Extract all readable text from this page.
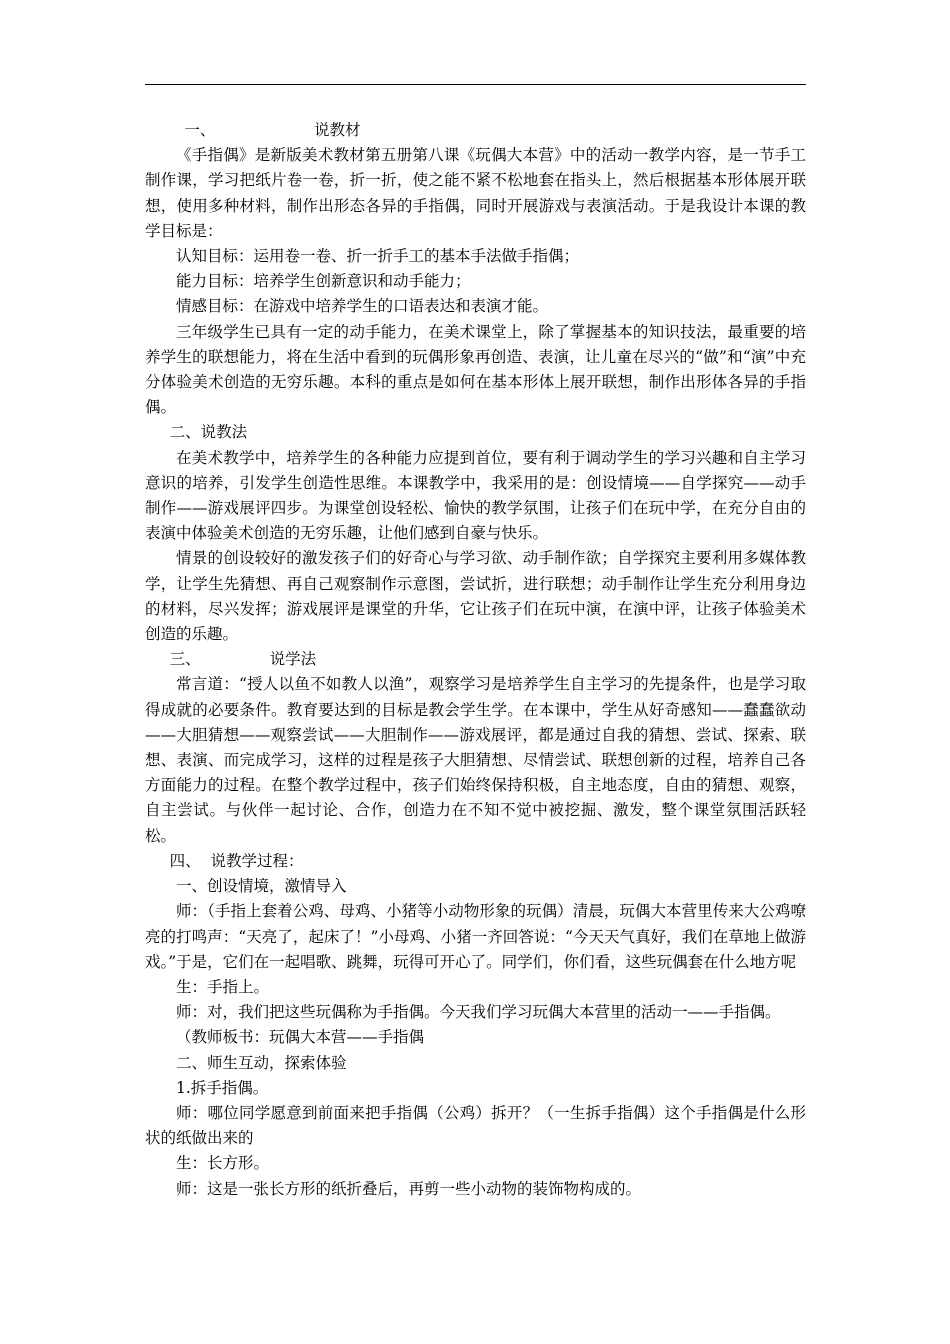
一、                    说教材

《手指偶》是新版美术教材第五册第八课《玩偶大本营》中的活动一教学内容，是一节手工制作课，学习把纸片卷一卷，折一折，使之能不紧不松地套在指头上，然后根据基本形体展开联想，使用多种材料，制作出形态各异的手指偶，同时开展游戏与表演活动。于是我设计本课的教学目标是：

认知目标：运用卷一卷、折一折手工的基本手法做手指偶；

能力目标：培养学生创新意识和动手能力；

情感目标：在游戏中培养学生的口语表达和表演才能。

三年级学生已具有一定的动手能力，在美术课堂上，除了掌握基本的知识技法，最重要的培养学生的联想能力，将在生活中看到的玩偶形象再创造、表演，让儿童在尽兴的“做”和“演”中充分体验美术创造的无穷乐趣。本科的重点是如何在基本形体上展开联想，制作出形体各异的手指偶。

二、说教法

在美术教学中，培养学生的各种能力应提到首位，要有利于调动学生的学习兴趣和自主学习意识的培养，引发学生创造性思维。本课教学中，我采用的是：创设情境——自学探究——动手制作——游戏展评四步。为课堂创设轻松、愉快的教学氛围，让孩子们在玩中学，在充分自由的表演中体验美术创造的无穷乐趣，让他们感到自豪与快乐。

情景的创设较好的激发孩子们的好奇心与学习欲、动手制作欲；自学探究主要利用多媒体教学，让学生先猜想、再自己观察制作示意图，尝试折，进行联想；动手制作让学生充分利用身边的材料，尽兴发挥；游戏展评是课堂的升华，它让孩子们在玩中演，在演中评，让孩子体验美术创造的乐趣。

三、              说学法

常言道：“授人以鱼不如教人以渔”，观察学习是培养学生自主学习的先提条件，也是学习取得成就的必要条件。教育要达到的目标是教会学生学。在本课中，学生从好奇感知——蠢蠢欲动——大胆猜想——观察尝试——大胆制作——游戏展评，都是通过自我的猜想、尝试、探索、联想、表演、而完成学习，这样的过程是孩子大胆猜想、尽情尝试、联想创新的过程，培养自己各方面能力的过程。在整个教学过程中，孩子们始终保持积极，自主地态度，自由的猜想、观察，自主尝试。与伙伴一起讨论、合作，创造力在不知不觉中被挖掘、激发，整个课堂氛围活跃轻松。

四、  说教学过程：

一、创设情境，激情导入

师：（手指上套着公鸡、母鸡、小猪等小动物形象的玩偶）清晨，玩偶大本营里传来大公鸡嘹亮的打鸣声：“天亮了，起床了！”小母鸡、小猪一齐回答说：“今天天气真好，我们在草地上做游戏。”于是，它们在一起唱歌、跳舞，玩得可开心了。同学们，你们看，这些玩偶套在什么地方呢

生：手指上。

师：对，我们把这些玩偶称为手指偶。今天我们学习玩偶大本营里的活动一——手指偶。

（教师板书：玩偶大本营——手指偶

二、师生互动，探索体验

1.拆手指偶。

师：哪位同学愿意到前面来把手指偶（公鸡）拆开？（一生拆手指偶）这个手指偶是什么形状的纸做出来的

生：长方形。

师：这是一张长方形的纸折叠后，再剪一些小动物的装饰物构成的。
